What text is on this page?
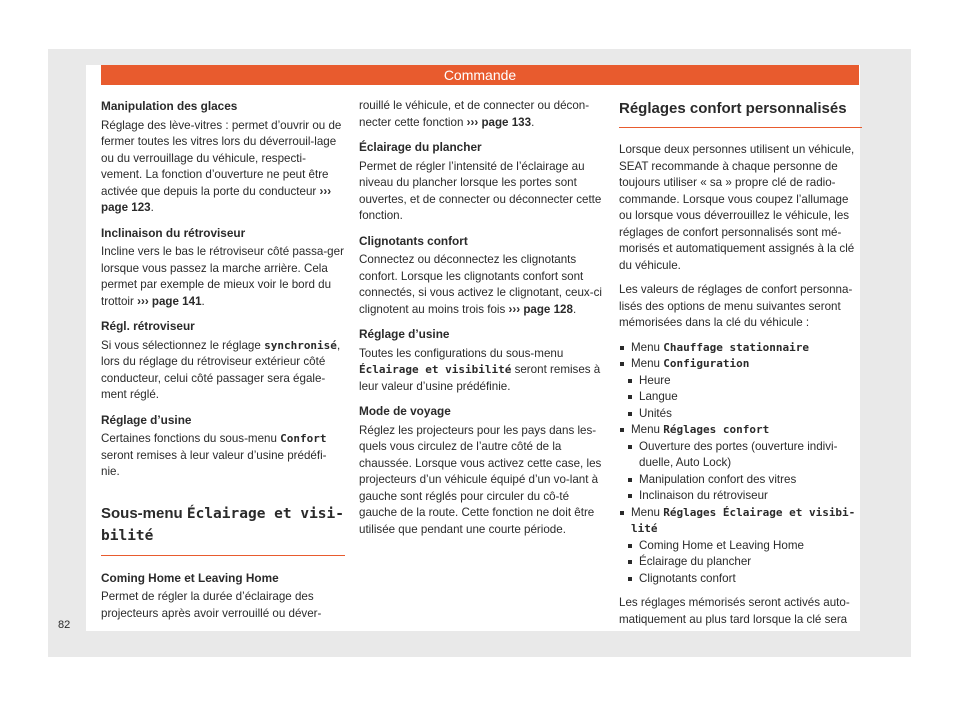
Commande
Manipulation des glaces

Réglage des lève-vitres : permet d’ouvrir ou de fermer toutes les vitres lors du déverrouil-lage ou du verrouillage du véhicule, respecti-vement. La fonction d’ouverture ne peut être activée que depuis la porte du conducteur ››› page 123.

Inclinaison du rétroviseur

Incline vers le bas le rétroviseur côté passa-ger lorsque vous passez la marche arrière. Cela permet par exemple de mieux voir le bord du trottoir ››› page 141.

Régl. rétroviseur

Si vous sélectionnez le réglage synchronisé, lors du réglage du rétroviseur extérieur côté conducteur, celui côté passager sera égale-ment réglé.

Réglage d’usine

Certaines fonctions du sous-menu Confort seront remises à leur valeur d’usine prédéfi-nie.

Sous-menu Éclairage et visi-bilité
Coming Home et Leaving Home

Permet de régler la durée d’éclairage des projecteurs après avoir verrouillé ou déver-

rouillé le véhicule, et de connecter ou décon-necter cette fonction ››› page 133.

Éclairage du plancher

Permet de régler l’intensité de l’éclairage au niveau du plancher lorsque les portes sont ouvertes, et de connecter ou déconnecter cette fonction.

Clignotants confort

Connectez ou déconnectez les clignotants confort. Lorsque les clignotants confort sont connectés, si vous activez le clignotant, ceux-ci clignotent au moins trois fois ››› page 128.

Réglage d’usine

Toutes les configurations du sous-menu Éclairage et visibilité seront remises à leur valeur d’usine prédéfinie.

Mode de voyage

Réglez les projecteurs pour les pays dans les-quels vous circulez de l’autre côté de la chaussée. Lorsque vous activez cette case, les projecteurs d’un véhicule équipé d’un vo-lant à gauche sont réglés pour circuler du cô-té gauche de la route. Cette fonction ne doit être utilisée que pendant une courte période.

Réglages confort personnalisés

Lorsque deux personnes utilisent un véhicule, SEAT recommande à chaque personne de toujours utiliser « sa » propre clé de radio-commande. Lorsque vous coupez l’allumage ou lorsque vous déverrouillez le véhicule, les réglages de confort personnalisés sont mé-morisés et automatiquement assignés à la clé du véhicule.

Les valeurs de réglages de confort personna-lisés des options de menu suivantes seront mémorisées dans la clé du véhicule :

Menu Chauffage stationnaire
Menu Configuration
Heure
Langue
Unités
Menu Réglages confort
Ouverture des portes (ouverture indivi-duelle, Auto Lock)
Manipulation confort des vitres
Inclinaison du rétroviseur
Menu Réglages Éclairage et visibi-lité
Coming Home et Leaving Home
Éclairage du plancher
Clignotants confort

Les réglages mémorisés seront activés auto-matiquement au plus tard lorsque la clé sera

82
